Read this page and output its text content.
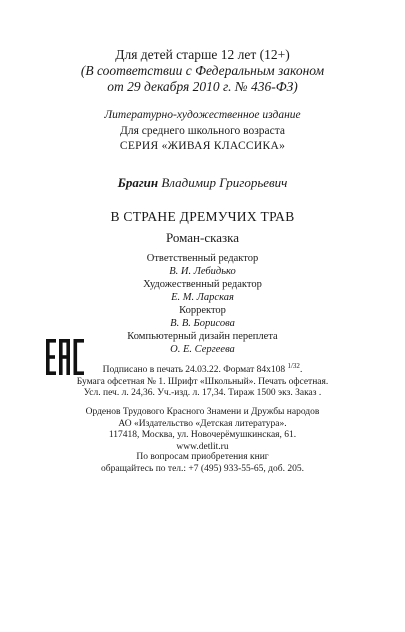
Для детей старше 12 лет (12+)
(В соответствии с Федеральным законом
от 29 декабря 2010 г. № 436-ФЗ)
Литературно-художественное издание
Для среднего школьного возраста
СЕРИЯ «ЖИВАЯ КЛАССИКА»
Брагин Владимир Григорьевич
В СТРАНЕ ДРЕМУЧИХ ТРАВ
Роман-сказка
Ответственный редактор
В. И. Лебидько
Художественный редактор
Е. М. Ларская
Корректор
В. В. Борисова
Компьютерный дизайн переплета
О. Е. Сергеева
Подписано в печать 24.03.22. Формат 84x108 $^{1/32}$.
Бумага офсетная № 1. Шрифт «Школьный». Печать офсетная.
Усл. печ. л. 24,36. Уч.-изд. л. 17,34. Тираж 1500 экз. Заказ .
Орденов Трудового Красного Знамени и Дружбы народов
АО «Издательство «Детская литература».
117418, Москва, ул. Новочерёмушкинская, 61.
www.detlit.ru
По вопросам приобретения книг
обращайтесь по тел.: +7 (495) 933-55-65, доб. 205.
